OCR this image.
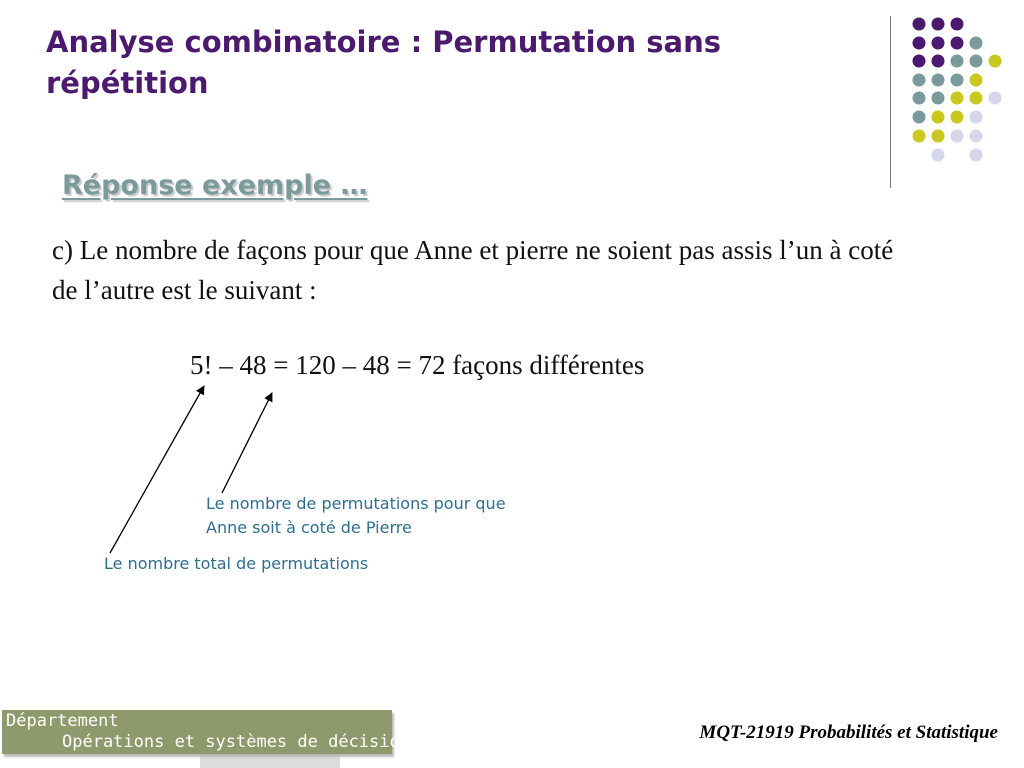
Analyse combinatoire : Permutation sans répétition
Réponse exemple …

c) Le nombre de façons pour que Anne et pierre ne soient pas assis l’un à coté de l’autre est le suivant :

5! – 48 = 120 – 48 = 72 façons différentes

Le nombre de permutations pour que Anne soit à coté de Pierre

Le nombre total de permutations

Département
Opérations et systèmes de décisions	MQT-21919 Probabilités et Statistique
